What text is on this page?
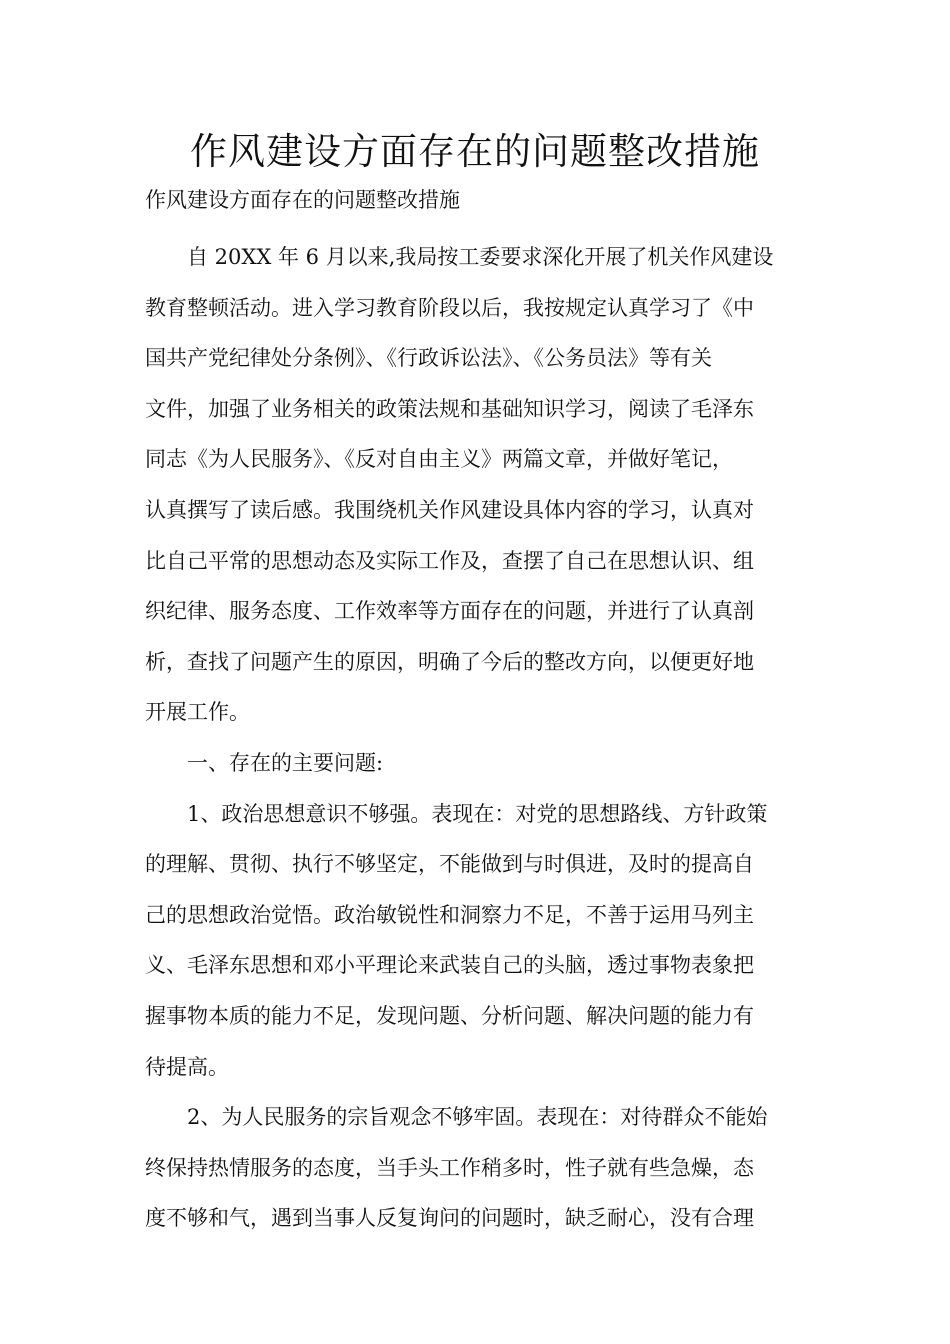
作风建设方面存在的问题整改措施

作风建设方面存在的问题整改措施

自 20XX 年 6 月以来,我局按工委要求深化开展了机关作风建设
教育整顿活动。进入学习教育阶段以后，我按规定认真学习了《中
国共产党纪律处分条例》、《行政诉讼法》、《公务员法》等有关
文件，加强了业务相关的政策法规和基础知识学习，阅读了毛泽东
同志《为人民服务》、《反对自由主义》两篇文章，并做好笔记，
认真撰写了读后感。我围绕机关作风建设具体内容的学习，认真对
比自己平常的思想动态及实际工作及，查摆了自己在思想认识、组
织纪律、服务态度、工作效率等方面存在的问题，并进行了认真剖
析，查找了问题产生的原因，明确了今后的整改方向，以便更好地
开展工作。
一、存在的主要问题:
1、政治思想意识不够强。表现在：对党的思想路线、方针政策
的理解、贯彻、执行不够坚定，不能做到与时俱进，及时的提高自
己的思想政治觉悟。政治敏锐性和洞察力不足，不善于运用马列主
义、毛泽东思想和邓小平理论来武装自己的头脑，透过事物表象把
握事物本质的能力不足，发现问题、分析问题、解决问题的能力有
待提高。
2、为人民服务的宗旨观念不够牢固。表现在：对待群众不能始
终保持热情服务的态度，当手头工作稍多时，性子就有些急燥，态
度不够和气，遇到当事人反复询问的问题时，缺乏耐心，没有合理
